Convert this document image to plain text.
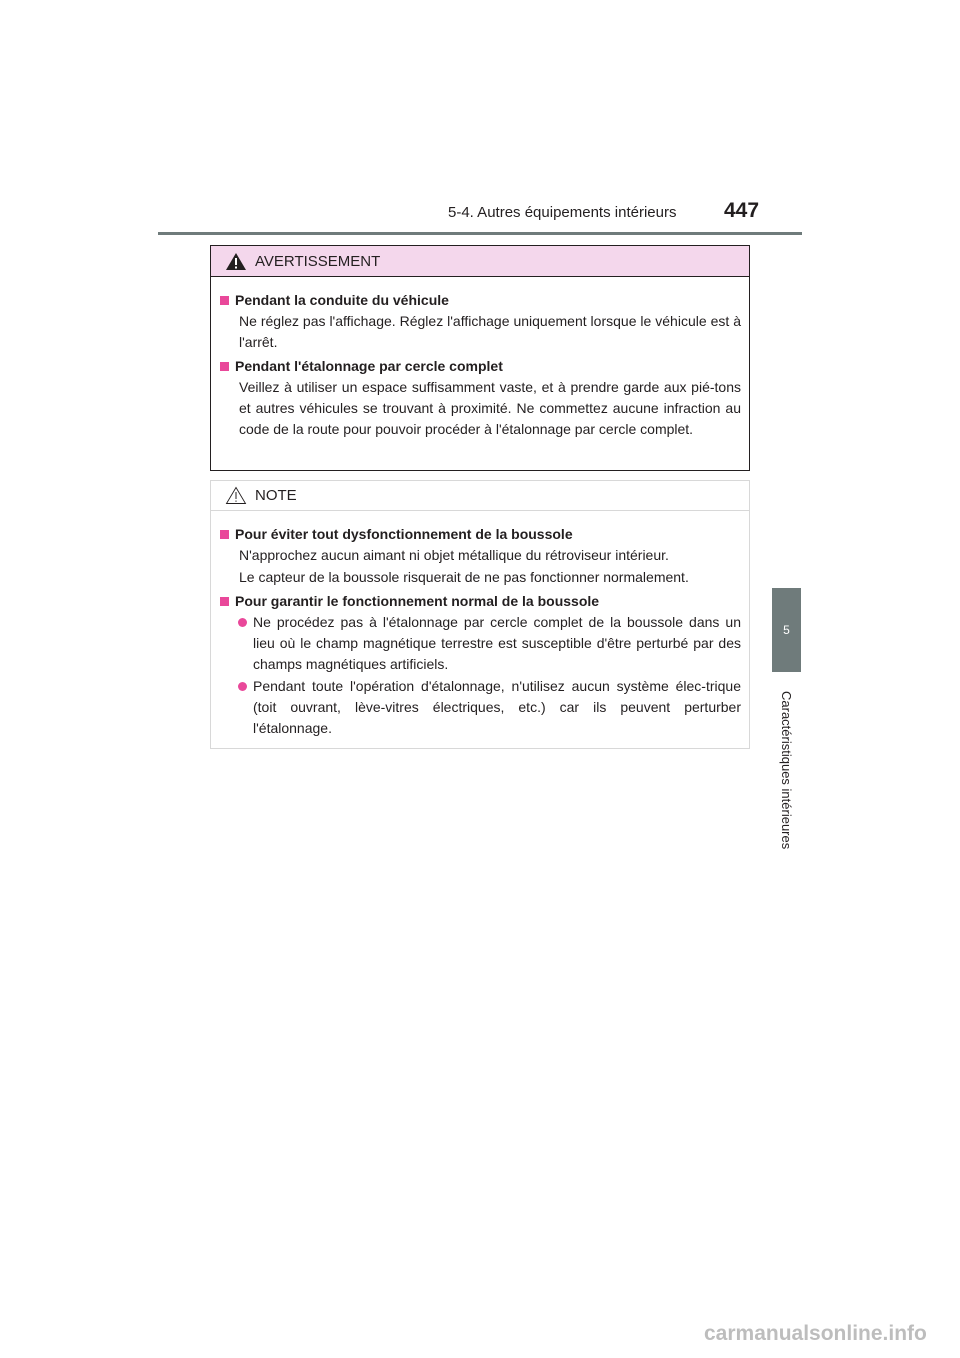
5-4. Autres équipements intérieurs 447
5
Caractéristiques intérieures
AVERTISSEMENT
Pendant la conduite du véhicule
Ne réglez pas l'affichage. Réglez l'affichage uniquement lorsque le véhicule est à l'arrêt.
Pendant l'étalonnage par cercle complet
Veillez à utiliser un espace suffisamment vaste, et à prendre garde aux pié-tons et autres véhicules se trouvant à proximité. Ne commettez aucune infraction au code de la route pour pouvoir procéder à l'étalonnage par cercle complet.
NOTE
Pour éviter tout dysfonctionnement de la boussole
N'approchez aucun aimant ni objet métallique du rétroviseur intérieur.
Le capteur de la boussole risquerait de ne pas fonctionner normalement.
Pour garantir le fonctionnement normal de la boussole
Ne procédez pas à l'étalonnage par cercle complet de la boussole dans un lieu où le champ magnétique terrestre est susceptible d'être perturbé par des champs magnétiques artificiels.
Pendant toute l'opération d'étalonnage, n'utilisez aucun système élec-trique (toit ouvrant, lève-vitres électriques, etc.) car ils peuvent perturber l'étalonnage.
carmanualsonline.info
